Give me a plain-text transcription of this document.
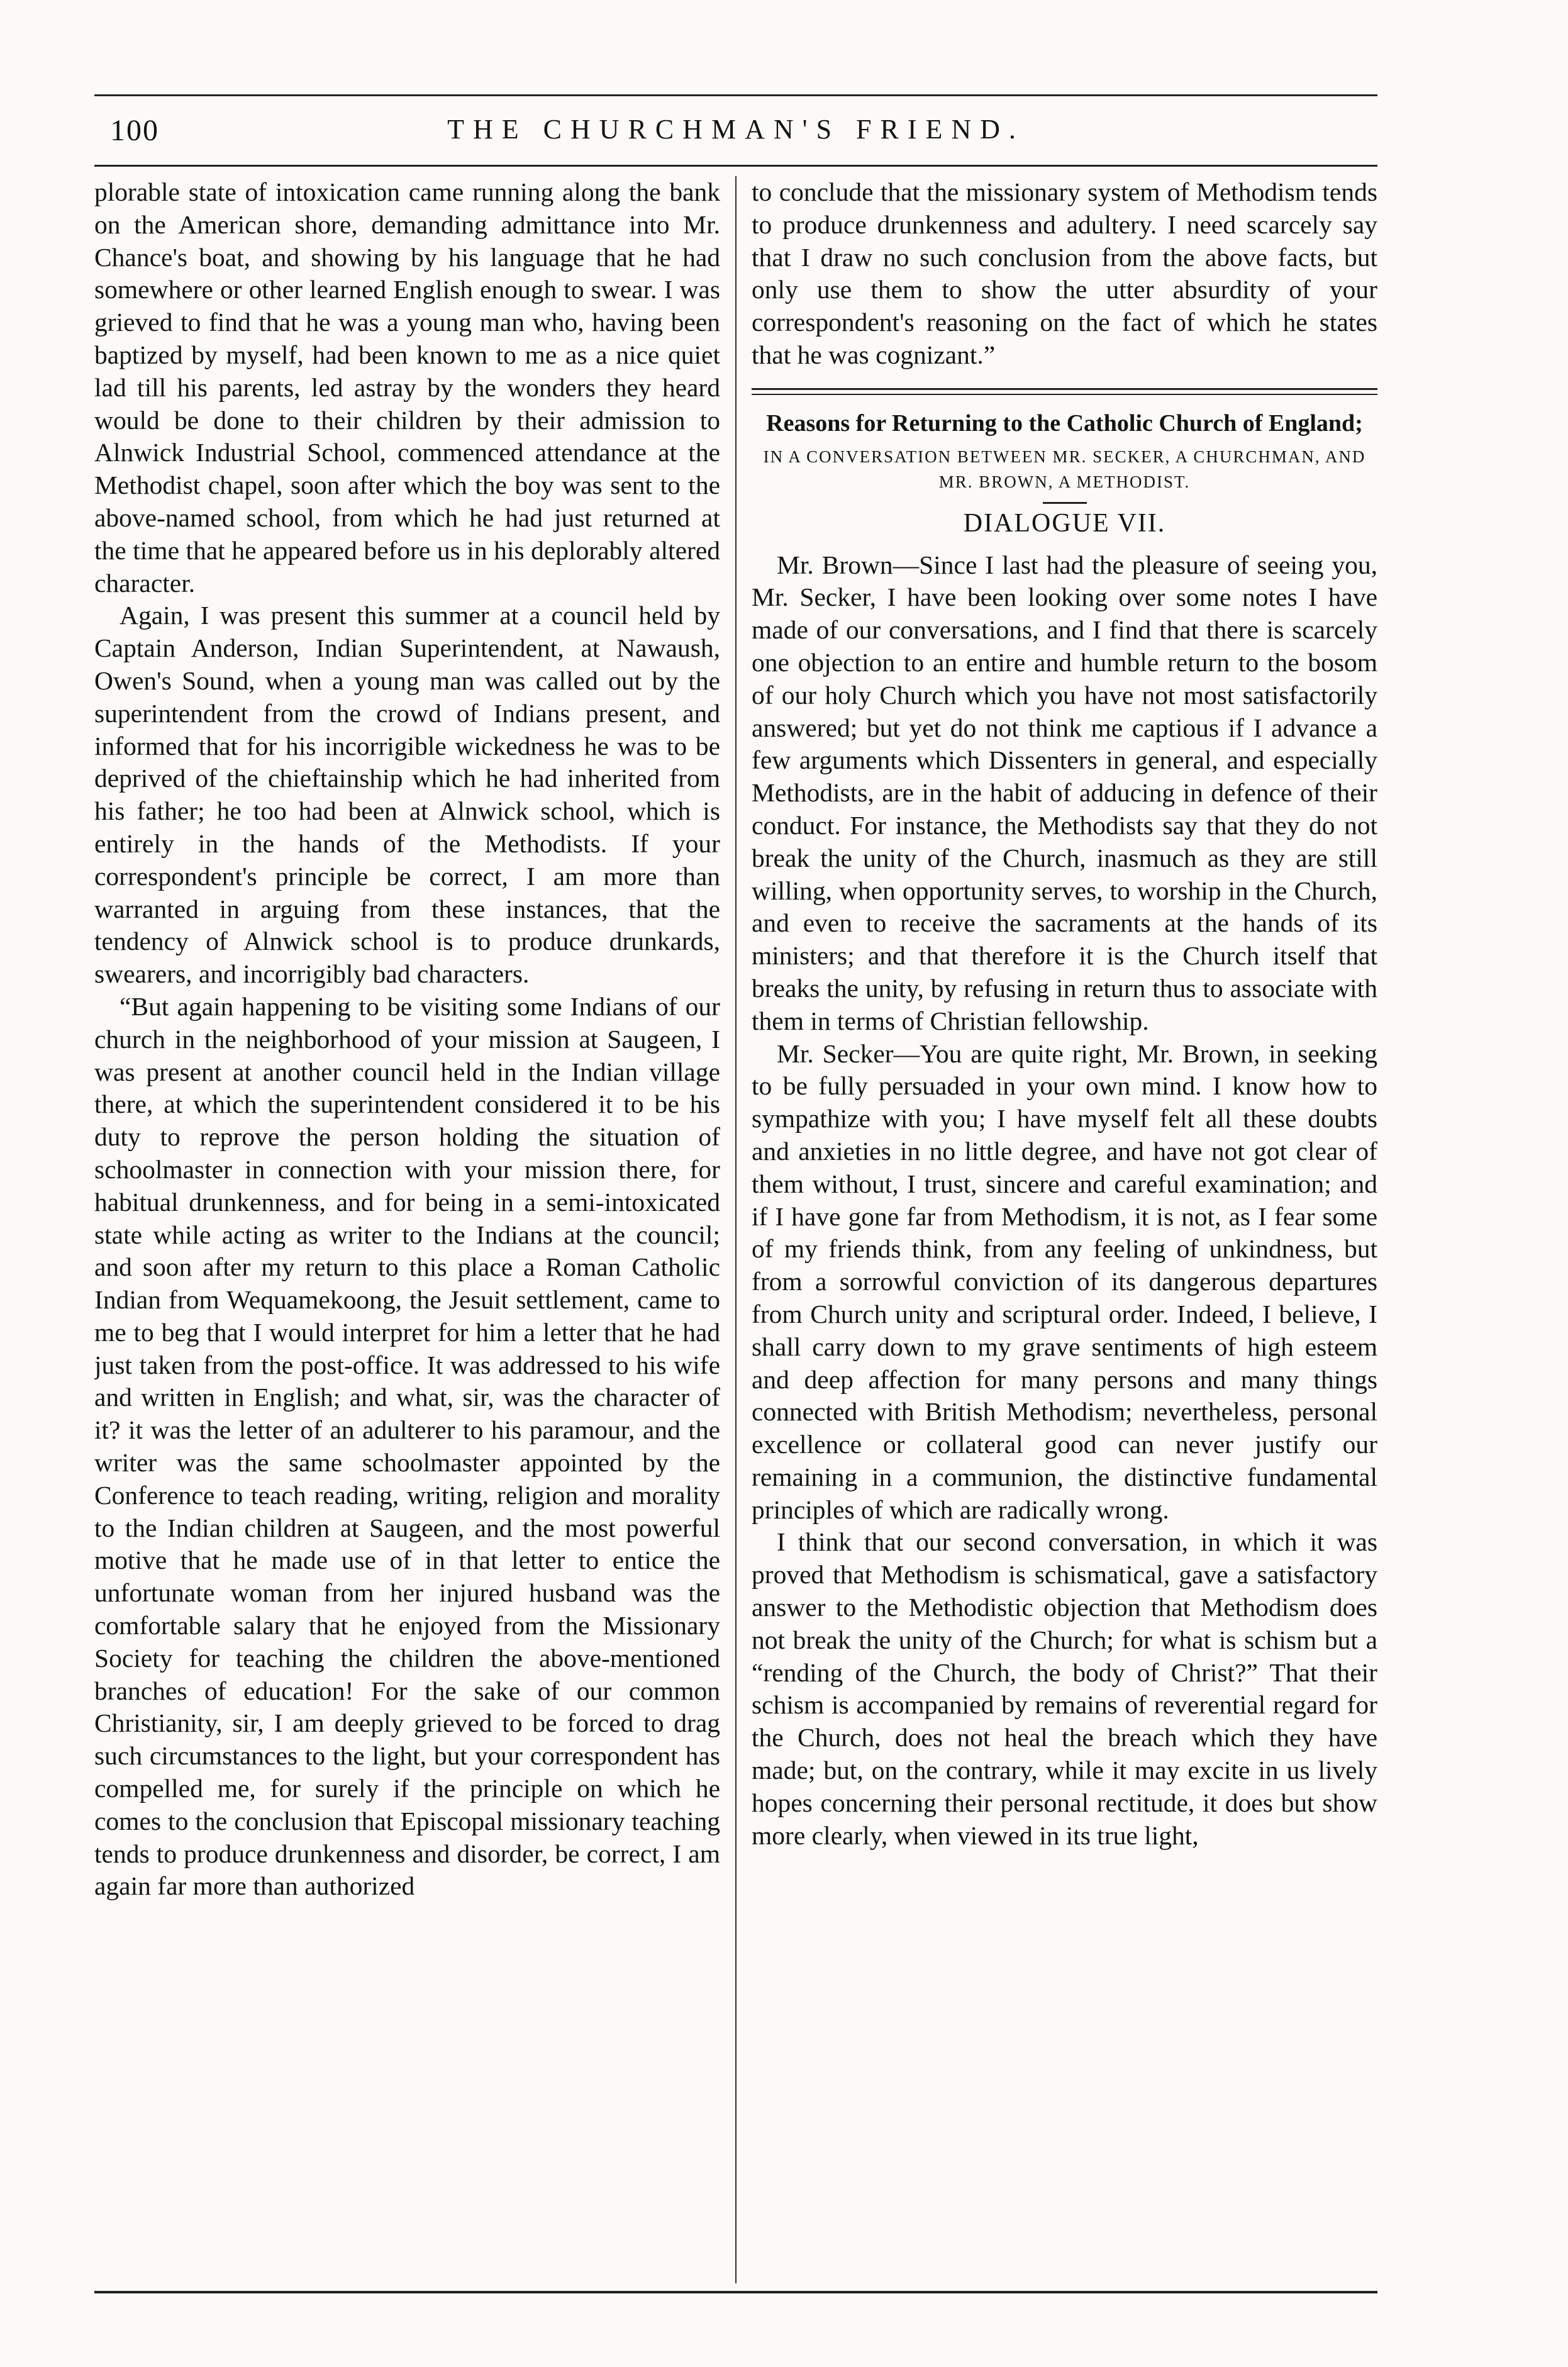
100	THE CHURCHMAN'S FRIEND.

plorable state of intoxication came running along the bank on the American shore, demanding admittance into Mr. Chance's boat, and showing by his language that he had somewhere or other learned English enough to swear. I was grieved to find that he was a young man who, having been baptized by myself, had been known to me as a nice quiet lad till his parents, led astray by the wonders they heard would be done to their children by their admission to Alnwick Industrial School, commenced attendance at the Methodist chapel, soon after which the boy was sent to the above-named school, from which he had just returned at the time that he appeared before us in his deplorably altered character.

Again, I was present this summer at a council held by Captain Anderson, Indian Superintendent, at Nawaush, Owen's Sound, when a young man was called out by the superintendent from the crowd of Indians present, and informed that for his incorrigible wickedness he was to be deprived of the chieftainship which he had inherited from his father; he too had been at Alnwick school, which is entirely in the hands of the Methodists. If your correspondent's principle be correct, I am more than warranted in arguing from these instances, that the tendency of Alnwick school is to produce drunkards, swearers, and incorrigibly bad characters.

“But again happening to be visiting some Indians of our church in the neighborhood of your mission at Saugeen, I was present at another council held in the Indian village there, at which the superintendent considered it to be his duty to reprove the person holding the situation of schoolmaster in connection with your mission there, for habitual drunkenness, and for being in a semi-intoxicated state while acting as writer to the Indians at the council; and soon after my return to this place a Roman Catholic Indian from Wequamekoong, the Jesuit settlement, came to me to beg that I would interpret for him a letter that he had just taken from the post-office. It was addressed to his wife and written in English; and what, sir, was the character of it? it was the letter of an adulterer to his paramour, and the writer was the same schoolmaster appointed by the Conference to teach reading, writing, religion and morality to the Indian children at Saugeen, and the most powerful motive that he made use of in that letter to entice the unfortunate woman from her injured husband was the comfortable salary that he enjoyed from the Missionary Society for teaching the children the above-mentioned branches of education! For the sake of our common Christianity, sir, I am deeply grieved to be forced to drag such circumstances to the light, but your correspondent has compelled me, for surely if the principle on which he comes to the conclusion that Episcopal missionary teaching tends to produce drunkenness and disorder, be correct, I am again far more than authorized

to conclude that the missionary system of Methodism tends to produce drunkenness and adultery. I need scarcely say that I draw no such conclusion from the above facts, but only use them to show the utter absurdity of your correspondent's reasoning on the fact of which he states that he was cognizant.”

Reasons for Returning to the Catholic Church of England;
IN A CONVERSATION BETWEEN MR. SECKER, A CHURCHMAN, AND MR. BROWN, A METHODIST.
DIALOGUE VII.

Mr. Brown—Since I last had the pleasure of seeing you, Mr. Secker, I have been looking over some notes I have made of our conversations, and I find that there is scarcely one objection to an entire and humble return to the bosom of our holy Church which you have not most satisfactorily answered; but yet do not think me captious if I advance a few arguments which Dissenters in general, and especially Methodists, are in the habit of adducing in defence of their conduct. For instance, the Methodists say that they do not break the unity of the Church, inasmuch as they are still willing, when opportunity serves, to worship in the Church, and even to receive the sacraments at the hands of its ministers; and that therefore it is the Church itself that breaks the unity, by refusing in return thus to associate with them in terms of Christian fellowship.

Mr. Secker—You are quite right, Mr. Brown, in seeking to be fully persuaded in your own mind. I know how to sympathize with you; I have myself felt all these doubts and anxieties in no little degree, and have not got clear of them without, I trust, sincere and careful examination; and if I have gone far from Methodism, it is not, as I fear some of my friends think, from any feeling of unkindness, but from a sorrowful conviction of its dangerous departures from Church unity and scriptural order. Indeed, I believe, I shall carry down to my grave sentiments of high esteem and deep affection for many persons and many things connected with British Methodism; nevertheless, personal excellence or collateral good can never justify our remaining in a communion, the distinctive fundamental principles of which are radically wrong.

I think that our second conversation, in which it was proved that Methodism is schismatical, gave a satisfactory answer to the Methodistic objection that Methodism does not break the unity of the Church; for what is schism but a “rending of the Church, the body of Christ?” That their schism is accompanied by remains of reverential regard for the Church, does not heal the breach which they have made; but, on the contrary, while it may excite in us lively hopes concerning their personal rectitude, it does but show more clearly, when viewed in its true light,
